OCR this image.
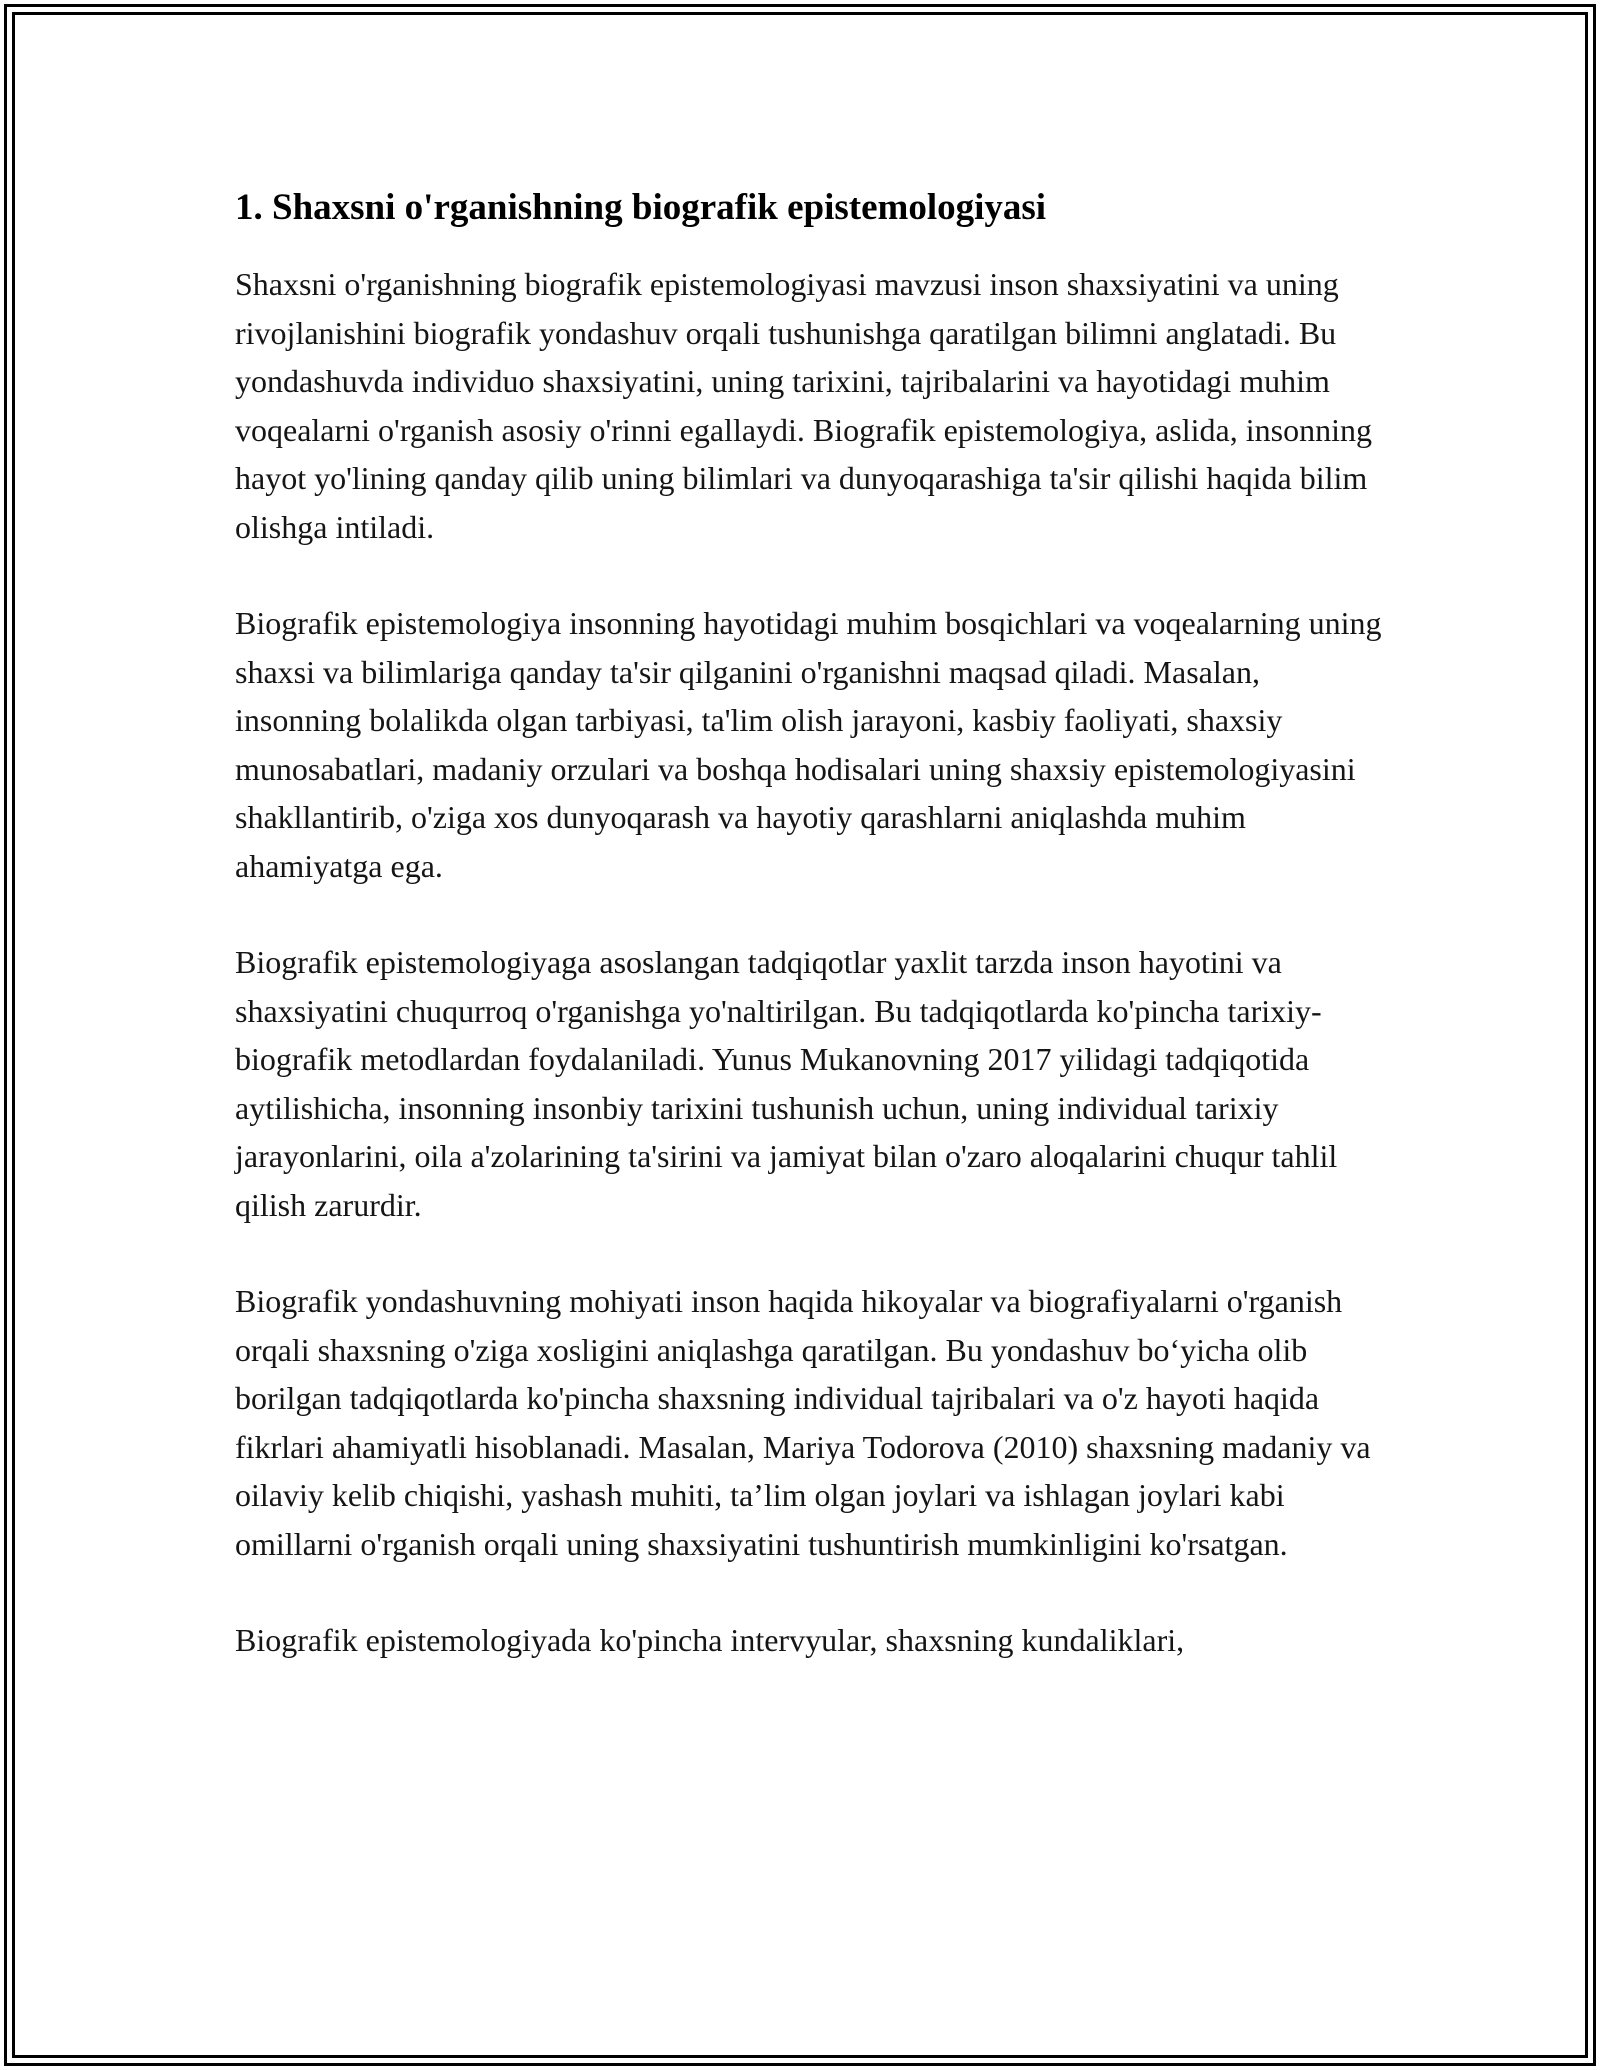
1. Shaxsni o'rganishning biografik epistemologiyasi

Shaxsni o'rganishning biografik epistemologiyasi mavzusi inson shaxsiyatini va uning rivojlanishini biografik yondashuv orqali tushunishga qaratilgan bilimni anglatadi. Bu yondashuvda individuo shaxsiyatini, uning tarixini, tajribalarini va hayotidagi muhim voqealarni o'rganish asosiy o'rinni egallaydi. Biografik epistemologiya, aslida, insonning hayot yo'lining qanday qilib uning bilimlari va dunyoqarashiga ta'sir qilishi haqida bilim olishga intiladi.

Biografik epistemologiya insonning hayotidagi muhim bosqichlari va voqealarning uning shaxsi va bilimlariga qanday ta'sir qilganini o'rganishni maqsad qiladi. Masalan, insonning bolalikda olgan tarbiyasi, ta'lim olish jarayoni, kasbiy faoliyati, shaxsiy munosabatlari, madaniy orzulari va boshqa hodisalari uning shaxsiy epistemologiyasini shakllantirib, o'ziga xos dunyoqarash va hayotiy qarashlarni aniqlashda muhim ahamiyatga ega.

Biografik epistemologiyaga asoslangan tadqiqotlar yaxlit tarzda inson hayotini va shaxsiyatini chuqurroq o'rganishga yo'naltirilgan. Bu tadqiqotlarda ko'pincha tarixiy-biografik metodlardan foydalaniladi. Yunus Mukanovning 2017 yilidagi tadqiqotida aytilishicha, insonning insonbiy tarixini tushunish uchun, uning individual tarixiy jarayonlarini, oila a'zolarining ta'sirini va jamiyat bilan o'zaro aloqalarini chuqur tahlil qilish zarurdir.

Biografik yondashuvning mohiyati inson haqida hikoyalar va biografiyalarni o'rganish orqali shaxsning o'ziga xosligini aniqlashga qaratilgan. Bu yondashuv bo‘yicha olib borilgan tadqiqotlarda ko'pincha shaxsning individual tajribalari va o'z hayoti haqida fikrlari ahamiyatli hisoblanadi. Masalan, Mariya Todorova (2010) shaxsning madaniy va oilaviy kelib chiqishi, yashash muhiti, ta’lim olgan joylari va ishlagan joylari kabi omillarni o'rganish orqali uning shaxsiyatini tushuntirish mumkinligini ko'rsatgan.

Biografik epistemologiyada ko'pincha intervyular, shaxsning kundaliklari,
